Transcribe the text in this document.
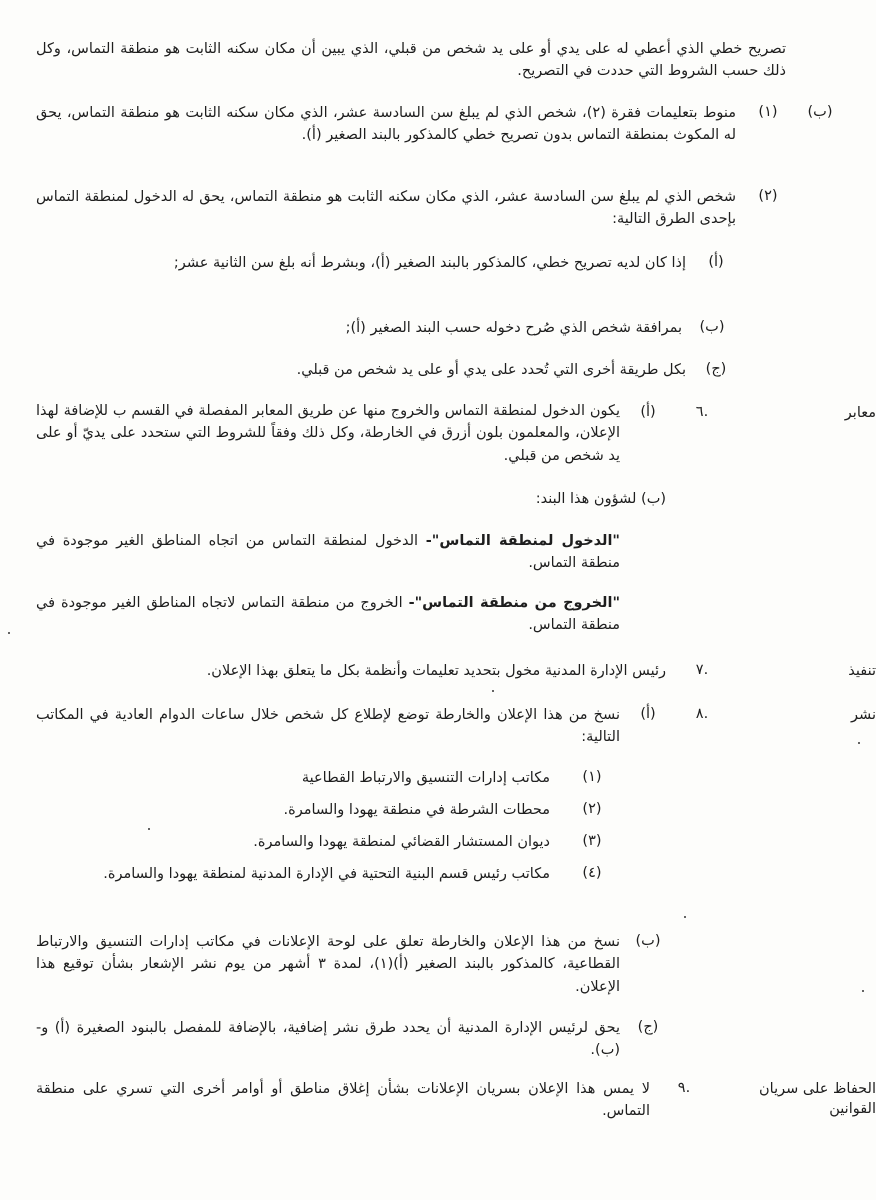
تصريح خطي الذي أعطي له على يدي أو على يد شخص من قبلي، الذي يبين أن مكان سكنه الثابت هو منطقة التماس، وكل ذلك حسب الشروط التي حددت في التصريح.
(ب)
(١)
منوط بتعليمات فقرة (٢)، شخص الذي لم يبلغ سن السادسة عشر، الذي مكان سكنه الثابت هو منطقة التماس، يحق له المكوث بمنطقة التماس بدون تصريح خطي كالمذكور بالبند الصغير (أ).
(٢)
شخص الذي لم يبلغ سن السادسة عشر، الذي مكان سكنه الثابت هو منطقة التماس، يحق له الدخول لمنطقة التماس بإحدى الطرق التالية:
(أ)
إذا كان لديه تصريح خطي، كالمذكور بالبند الصغير (أ)، وبشرط أنه بلغ سن الثانية عشر;
(ب)
بمرافقة شخص الذي صُرح دخوله حسب البند الصغير (أ);
(ج)
بكل طريقة أخرى التي تُحدد على يدي أو على يد شخص من قبلي.
معابر
.٦
(أ)
يكون الدخول لمنطقة التماس والخروج منها عن طريق المعابر المفصلة في القسم ب للإضافة لهذا الإعلان، والمعلمون بلون أزرق في الخارطة، وكل ذلك وفقاً للشروط التي ستحدد على يديّ أو على يد شخص من قبلي.
(ب) لشؤون هذا البند:
"الدخول لمنطقة التماس"- الدخول لمنطقة التماس من اتجاه المناطق الغير موجودة في منطقة التماس.
"الخروج من منطقة التماس"- الخروج من منطقة التماس لاتجاه المناطق الغير موجودة في منطقة التماس.
تنفيذ
.٧
رئيس الإدارة المدنية مخول بتحديد تعليمات وأنظمة بكل ما يتعلق بهذا الإعلان.
نشر
.٨
(أ)
نسخ من هذا الإعلان والخارطة توضع لإطلاع كل شخص خلال ساعات الدوام العادية في المكاتب التالية:
(١)
مكاتب إدارات التنسيق والارتباط القطاعية
(٢)
محطات الشرطة في منطقة يهودا والسامرة.
(٣)
ديوان المستشار القضائي لمنطقة يهودا والسامرة.
(٤)
مكاتب رئيس قسم البنية التحتية في الإدارة المدنية لمنطقة يهودا والسامرة.
(ب)
نسخ من هذا الإعلان والخارطة تعلق على لوحة الإعلانات في مكاتب إدارات التنسيق والارتباط القطاعية، كالمذكور بالبند الصغير (أ)(١)، لمدة ٣ أشهر من يوم نشر الإشعار بشأن توقيع هذا الإعلان.
(ج)
يحق لرئيس الإدارة المدنية أن يحدد طرق نشر إضافية، بالإضافة للمفصل بالبنود الصغيرة (أ) و- (ب).
الحفاظ على سريان القوانين
.٩
لا يمس هذا الإعلان بسريان الإعلانات بشأن إغلاق مناطق أو أوامر أخرى التي تسري على منطقة التماس.
